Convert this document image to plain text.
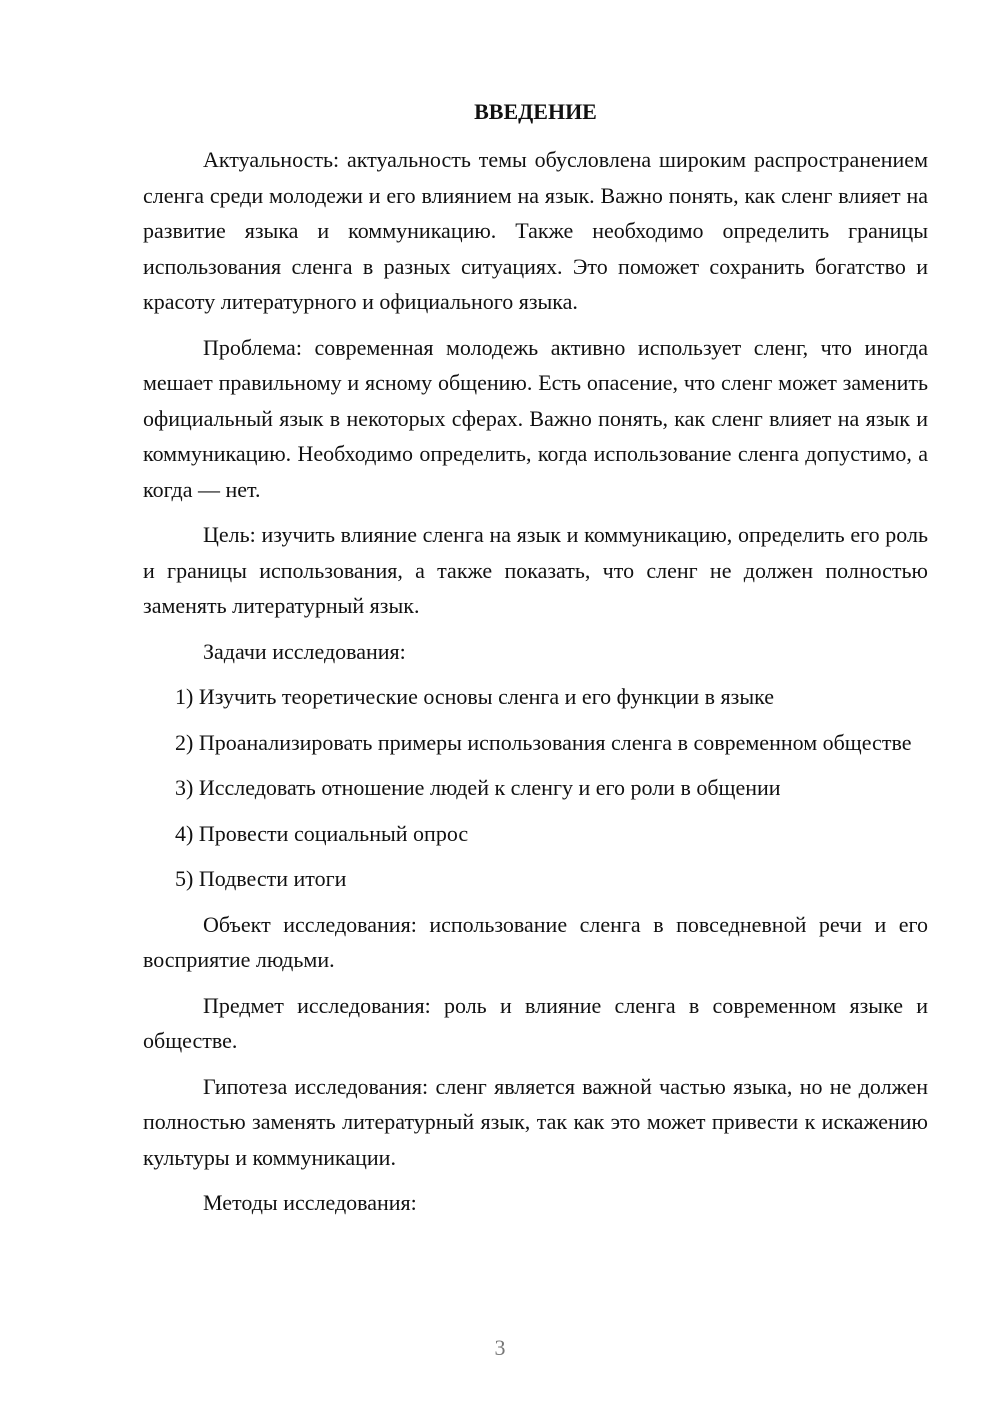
ВВЕДЕНИЕ

Актуальность: актуальность темы обусловлена широким распространением сленга среди молодежи и его влиянием на язык. Важно понять, как сленг влияет на развитие языка и коммуникацию. Также необходимо определить границы использования сленга в разных ситуациях. Это поможет сохранить богатство и красоту литературного и официального языка.

Проблема: современная молодежь активно использует сленг, что иногда мешает правильному и ясному общению. Есть опасение, что сленг может заменить официальный язык в некоторых сферах. Важно понять, как сленг влияет на язык и коммуникацию. Необходимо определить, когда использование сленга допустимо, а когда — нет.

Цель: изучить влияние сленга на язык и коммуникацию, определить его роль и границы использования, а также показать, что сленг не должен полностью заменять литературный язык.

Задачи исследования:

1) Изучить теоретические основы сленга и его функции в языке

2) Проанализировать примеры использования сленга в современном обществе

3) Исследовать отношение людей к сленгу и его роли в общении

4) Провести социальный опрос

5) Подвести итоги

Объект исследования: использование сленга в повседневной речи и его восприятие людьми.

Предмет исследования: роль и влияние сленга в современном языке и обществе.

Гипотеза исследования: сленг является важной частью языка, но не должен полностью заменять литературный язык, так как это может привести к искажению культуры и коммуникации.

Методы исследования:

3
